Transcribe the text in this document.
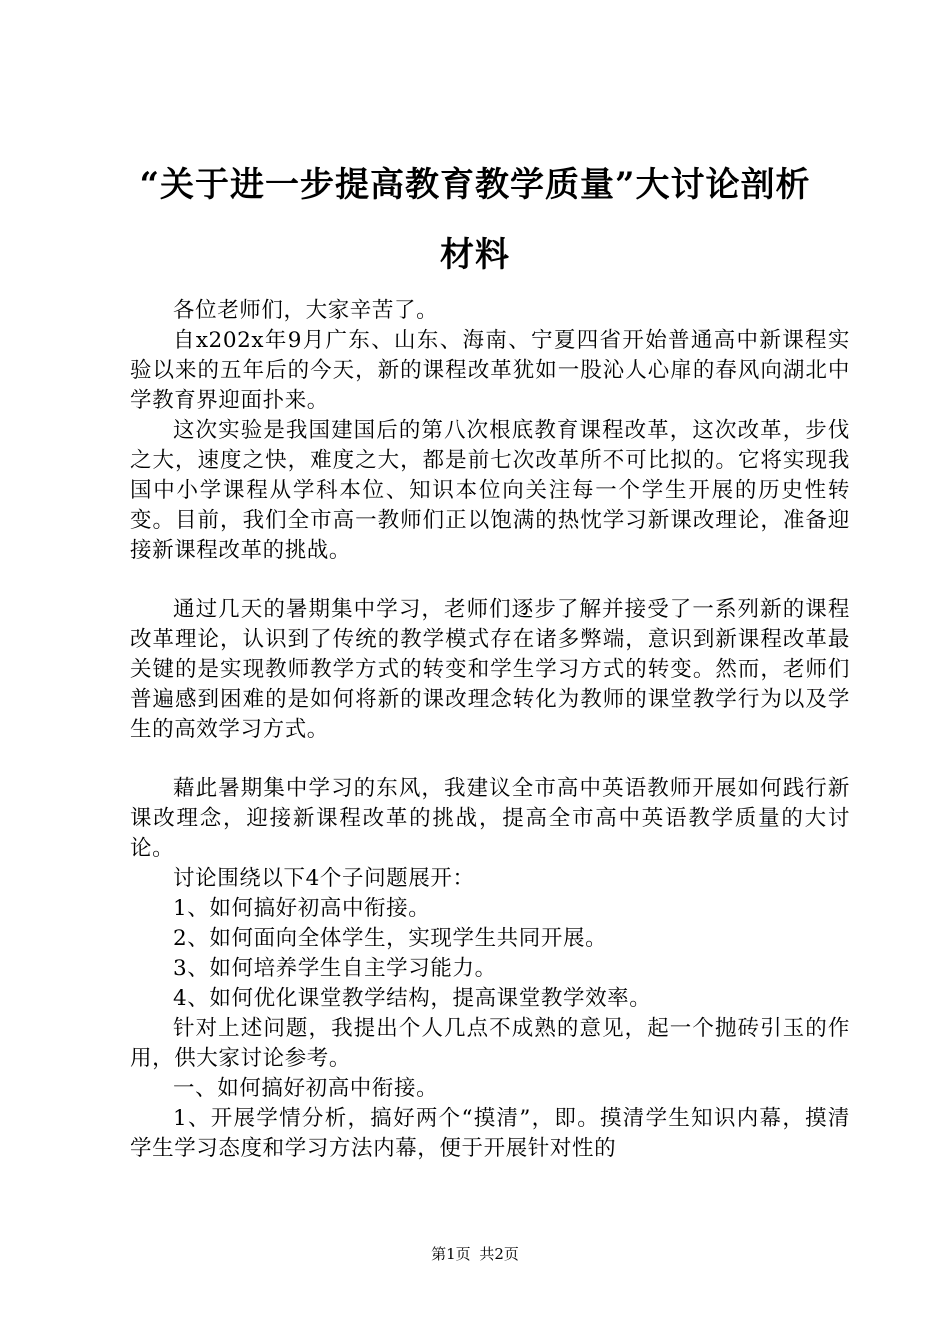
“关于进一步提高教育教学质量”大讨论剖析
材料

各位老师们，大家辛苦了。

自x202x年9月广东、山东、海南、宁夏四省开始普通高中新课程实验以来的五年后的今天，新的课程改革犹如一股沁人心扉的春风向湖北中学教育界迎面扑来。

这次实验是我国建国后的第八次根底教育课程改革，这次改革，步伐之大，速度之快，难度之大，都是前七次改革所不可比拟的。它将实现我国中小学课程从学科本位、知识本位向关注每一个学生开展的历史性转变。目前，我们全市高一教师们正以饱满的热忱学习新课改理论，准备迎接新课程改革的挑战。

通过几天的暑期集中学习，老师们逐步了解并接受了一系列新的课程改革理论，认识到了传统的教学模式存在诸多弊端，意识到新课程改革最关键的是实现教师教学方式的转变和学生学习方式的转变。然而，老师们普遍感到困难的是如何将新的课改理念转化为教师的课堂教学行为以及学生的高效学习方式。

藉此暑期集中学习的东风，我建议全市高中英语教师开展如何践行新课改理念，迎接新课程改革的挑战，提高全市高中英语教学质量的大讨论。

讨论围绕以下4个子问题展开：

1、如何搞好初高中衔接。

2、如何面向全体学生，实现学生共同开展。

3、如何培养学生自主学习能力。

4、如何优化课堂教学结构，提高课堂教学效率。

针对上述问题，我提出个人几点不成熟的意见，起一个抛砖引玉的作用，供大家讨论参考。

一、如何搞好初高中衔接。

1、开展学情分析，搞好两个“摸清”，即。摸清学生知识内幕，摸清学生学习态度和学习方法内幕，便于开展针对性的

第1页 共2页
